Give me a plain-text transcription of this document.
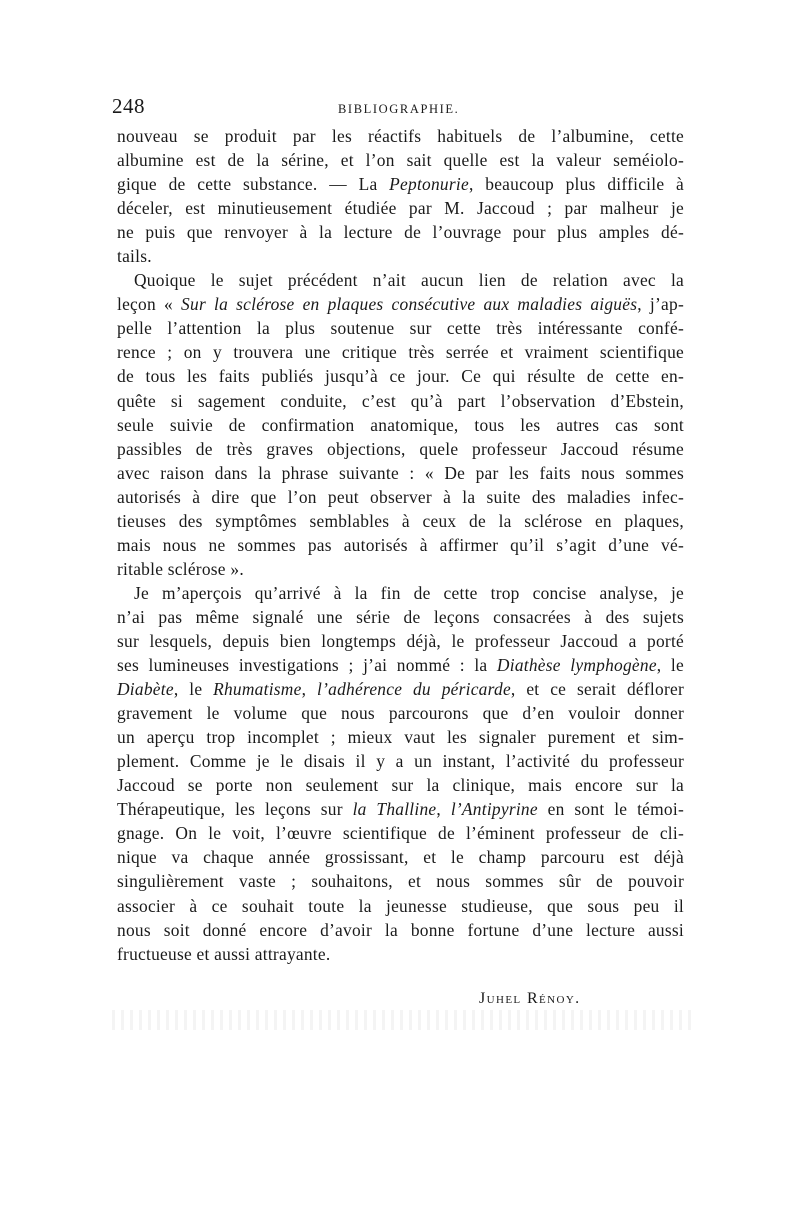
248	BIBLIOGRAPHIE.
nouveau se produit par les réactifs habituels de l’albumine, cette
albumine est de la sérine, et l’on sait quelle est la valeur seméiolo-
gique de cette substance. — La Peptonurie, beaucoup plus difficile à
déceler, est minutieusement étudiée par M. Jaccoud ; par malheur je
ne puis que renvoyer à la lecture de l’ouvrage pour plus amples dé-
tails.
Quoique le sujet précédent n’ait aucun lien de relation avec la
leçon « Sur la sclérose en plaques consécutive aux maladies aiguës, j’ap-
pelle l’attention la plus soutenue sur cette très intéressante confé-
rence ; on y trouvera une critique très serrée et vraiment scientifique
de tous les faits publiés jusqu’à ce jour. Ce qui résulte de cette en-
quête si sagement conduite, c’est qu’à part l’observation d’Ebstein,
seule suivie de confirmation anatomique, tous les autres cas sont
passibles de très graves objections, quele professeur Jaccoud résume
avec raison dans la phrase suivante : « De par les faits nous sommes
autorisés à dire que l’on peut observer à la suite des maladies infec-
tieuses des symptômes semblables à ceux de la sclérose en plaques,
mais nous ne sommes pas autorisés à affirmer qu’il s’agit d’une vé-
ritable sclérose ».
Je m’aperçois qu’arrivé à la fin de cette trop concise analyse, je
n’ai pas même signalé une série de leçons consacrées à des sujets
sur lesquels, depuis bien longtemps déjà, le professeur Jaccoud a porté
ses lumineuses investigations ; j’ai nommé : la Diathèse lymphogène, le
Diabète, le Rhumatisme, l’adhérence du péricarde, et ce serait déflorer
gravement le volume que nous parcourons que d’en vouloir donner
un aperçu trop incomplet ; mieux vaut les signaler purement et sim-
plement. Comme je le disais il y a un instant, l’activité du professeur
Jaccoud se porte non seulement sur la clinique, mais encore sur la
Thérapeutique, les leçons sur la Thalline, l’Antipyrine en sont le témoi-
gnage. On le voit, l’œuvre scientifique de l’éminent professeur de cli-
nique va chaque année grossissant, et le champ parcouru est déjà
singulièrement vaste ; souhaitons, et nous sommes sûr de pouvoir
associer à ce souhait toute la jeunesse studieuse, que sous peu il
nous soit donné encore d’avoir la bonne fortune d’une lecture aussi
fructueuse et aussi attrayante.
Juhel Rénoy.
